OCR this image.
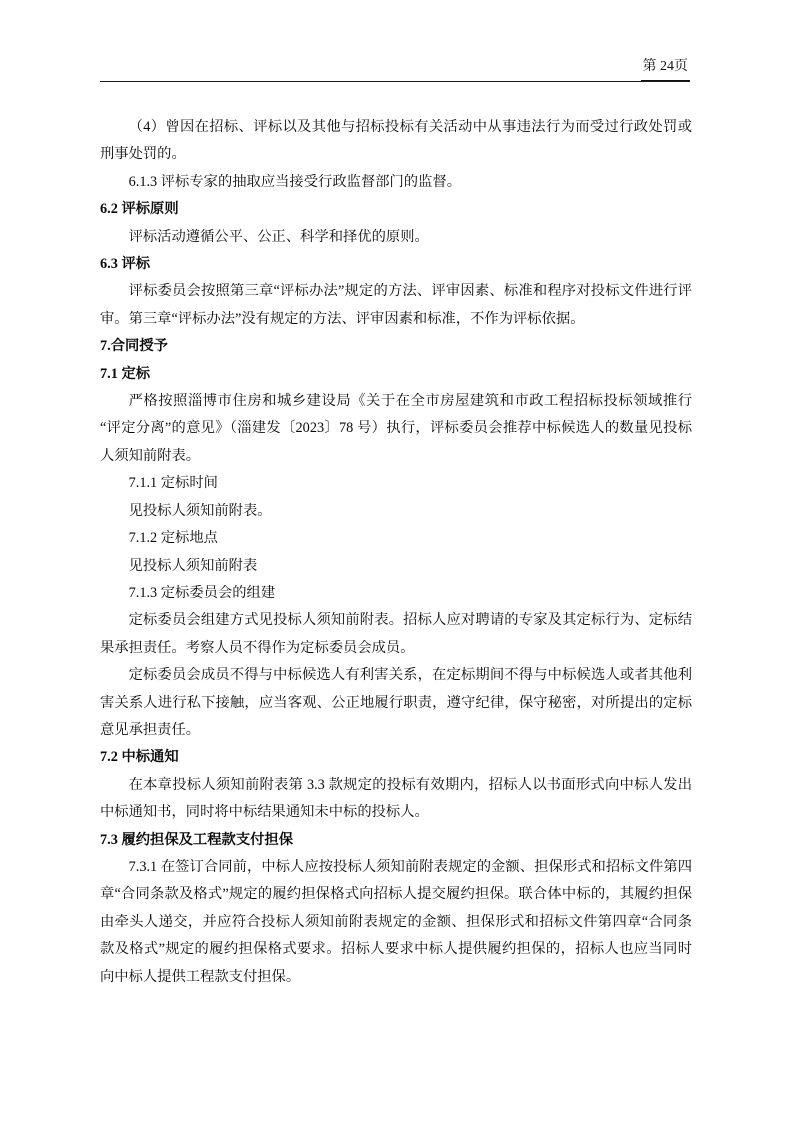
第 24页

（4）曾因在招标、评标以及其他与招标投标有关活动中从事违法行为而受过行政处罚或刑事处罚的。

6.1.3 评标专家的抽取应当接受行政监督部门的监督。

6.2 评标原则

评标活动遵循公平、公正、科学和择优的原则。

6.3 评标

评标委员会按照第三章“评标办法”规定的方法、评审因素、标准和程序对投标文件进行评审。第三章“评标办法”没有规定的方法、评审因素和标准，不作为评标依据。

7.合同授予

7.1 定标

严格按照淄博市住房和城乡建设局《关于在全市房屋建筑和市政工程招标投标领域推行“评定分离”的意见》（淄建发〔2023〕78 号）执行，评标委员会推荐中标候选人的数量见投标人须知前附表。

7.1.1 定标时间

见投标人须知前附表。

7.1.2 定标地点

见投标人须知前附表

7.1.3 定标委员会的组建

定标委员会组建方式见投标人须知前附表。招标人应对聘请的专家及其定标行为、定标结果承担责任。考察人员不得作为定标委员会成员。

定标委员会成员不得与中标候选人有利害关系，在定标期间不得与中标候选人或者其他利害关系人进行私下接触，应当客观、公正地履行职责，遵守纪律，保守秘密，对所提出的定标意见承担责任。

7.2 中标通知

在本章投标人须知前附表第 3.3 款规定的投标有效期内，招标人以书面形式向中标人发出中标通知书，同时将中标结果通知未中标的投标人。

7.3 履约担保及工程款支付担保

7.3.1 在签订合同前，中标人应按投标人须知前附表规定的金额、担保形式和招标文件第四章“合同条款及格式”规定的履约担保格式向招标人提交履约担保。联合体中标的，其履约担保由牵头人递交，并应符合投标人须知前附表规定的金额、担保形式和招标文件第四章“合同条款及格式”规定的履约担保格式要求。招标人要求中标人提供履约担保的，招标人也应当同时向中标人提供工程款支付担保。
